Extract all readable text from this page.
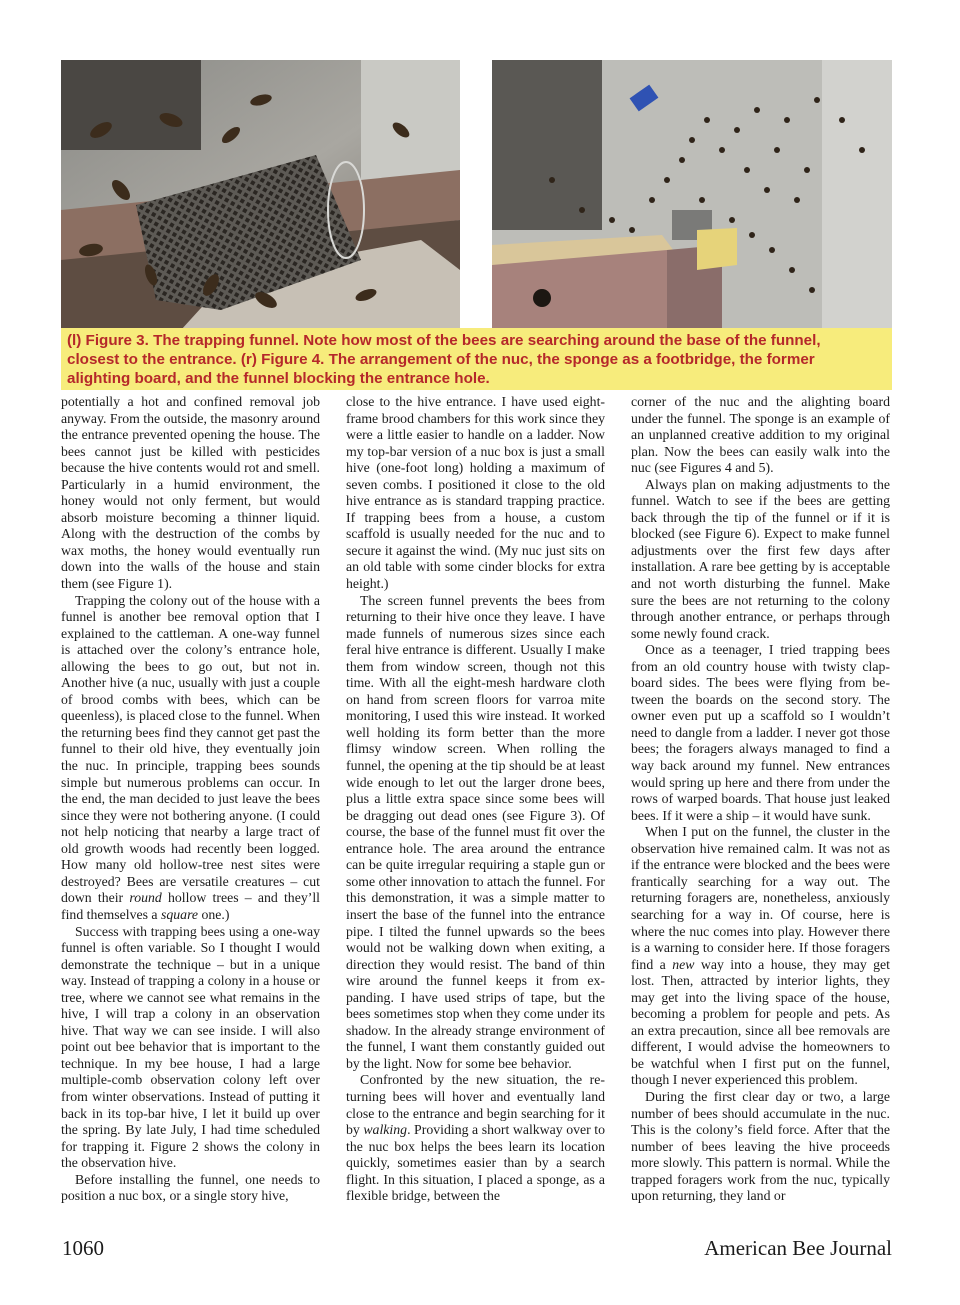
(l) Figure 3. The trapping funnel. Note how most of the bees are searching around the base of the funnel,
closest to the entrance. (r) Figure 4. The arrangement of the nuc, the sponge as a footbridge, the former
alighting board, and the funnel blocking the entrance hole.

potentially a hot and confined removal job anyway. From the outside, the masonry around the entrance prevented opening the house. The bees cannot just be killed with pesticides because the hive contents would rot and smell. Particularly in a humid environment, the honey would not only ferment, but would absorb moisture becoming a thinner liquid. Along with the destruction of the combs by wax moths, the honey would eventually run down into the walls of the house and stain them (see Figure 1).

Trapping the colony out of the house with a funnel is another bee removal option that I explained to the cattleman. A one-way funnel is attached over the colony’s entrance hole, allowing the bees to go out, but not in. Another hive (a nuc, usually with just a couple of brood combs with bees, which can be queenless), is placed close to the funnel. When the returning bees find they cannot get past the funnel to their old hive, they eventually join the nuc. In principle, trapping bees sounds simple but numerous problems can occur. In the end, the man decided to just leave the bees since they were not bothering anyone. (I could not help noticing that nearby a large tract of old growth woods had recently been logged. How many old hollow-tree nest sites were destroyed? Bees are versatile creatures – cut down their round hollow trees – and they’ll find themselves a square one.)

Success with trapping bees using a one-way funnel is often variable. So I thought I would demonstrate the technique – but in a unique way. Instead of trapping a colony in a house or tree, where we cannot see what remains in the hive, I will trap a colony in an observation hive. That way we can see inside. I will also point out bee behavior that is important to the technique. In my bee house, I had a large multiple-comb observation colony left over from winter observations. Instead of putting it back in its top-bar hive, I let it build up over the spring. By late July, I had time scheduled for trapping it. Figure 2 shows the colony in the observation hive.

Before installing the funnel, one needs to position a nuc box, or a single story hive,

close to the hive entrance. I have used eight-frame brood chambers for this work since they were a little easier to handle on a ladder. Now my top-bar version of a nuc box is just a small hive (one-foot long) holding a maximum of seven combs. I positioned it close to the old hive entrance as is standard trapping practice. If trapping bees from a house, a custom scaffold is usually needed for the nuc and to secure it against the wind. (My nuc just sits on an old table with some cinder blocks for extra height.)

The screen funnel prevents the bees from returning to their hive once they leave. I have made funnels of numerous sizes since each feral hive entrance is different. Usually I make them from window screen, though not this time. With all the eight-mesh hardware cloth on hand from screen floors for varroa mite monitoring, I used this wire instead. It worked well holding its form better than the more flimsy window screen. When rolling the funnel, the opening at the tip should be at least wide enough to let out the larger drone bees, plus a little extra space since some bees will be dragging out dead ones (see Figure 3). Of course, the base of the funnel must fit over the entrance hole. The area around the entrance can be quite irregular requiring a staple gun or some other innovation to attach the funnel. For this demonstration, it was a simple matter to insert the base of the funnel into the entrance pipe. I tilted the funnel upwards so the bees would not be walking down when exiting, a direction they would resist. The band of thin wire around the funnel keeps it from expanding. I have used strips of tape, but the bees sometimes stop when they come under its shadow. In the already strange environment of the funnel, I want them constantly guided out by the light. Now for some bee behavior.

Confronted by the new situation, the returning bees will hover and eventually land close to the entrance and begin searching for it by walking. Providing a short walkway over to the nuc box helps the bees learn its location quickly, sometimes easier than by a search flight. In this situation, I placed a sponge, as a flexible bridge, between the

corner of the nuc and the alighting board under the funnel. The sponge is an example of an unplanned creative addition to my original plan. Now the bees can easily walk into the nuc (see Figures 4 and 5).

Always plan on making adjustments to the funnel. Watch to see if the bees are getting back through the tip of the funnel or if it is blocked (see Figure 6). Expect to make funnel adjustments over the first few days after installation. A rare bee getting by is acceptable and not worth disturbing the funnel. Make sure the bees are not returning to the colony through another entrance, or perhaps through some newly found crack.

Once as a teenager, I tried trapping bees from an old country house with twisty clapboard sides. The bees were flying from between the boards on the second story. The owner even put up a scaffold so I wouldn’t need to dangle from a ladder. I never got those bees; the foragers always managed to find a way back around my funnel. New entrances would spring up here and there from under the rows of warped boards. That house just leaked bees. If it were a ship – it would have sunk.

When I put on the funnel, the cluster in the observation hive remained calm. It was not as if the entrance were blocked and the bees were frantically searching for a way out. The returning foragers are, nonetheless, anxiously searching for a way in. Of course, here is where the nuc comes into play. However there is a warning to consider here. If those foragers find a new way into a house, they may get lost. Then, attracted by interior lights, they may get into the living space of the house, becoming a problem for people and pets. As an extra precaution, since all bee removals are different, I would advise the homeowners to be watchful when I first put on the funnel, though I never experienced this problem.

During the first clear day or two, a large number of bees should accumulate in the nuc. This is the colony’s field force. After that the number of bees leaving the hive proceeds more slowly. This pattern is normal. While the trapped foragers work from the nuc, typically upon returning, they land or

1060	American Bee Journal
